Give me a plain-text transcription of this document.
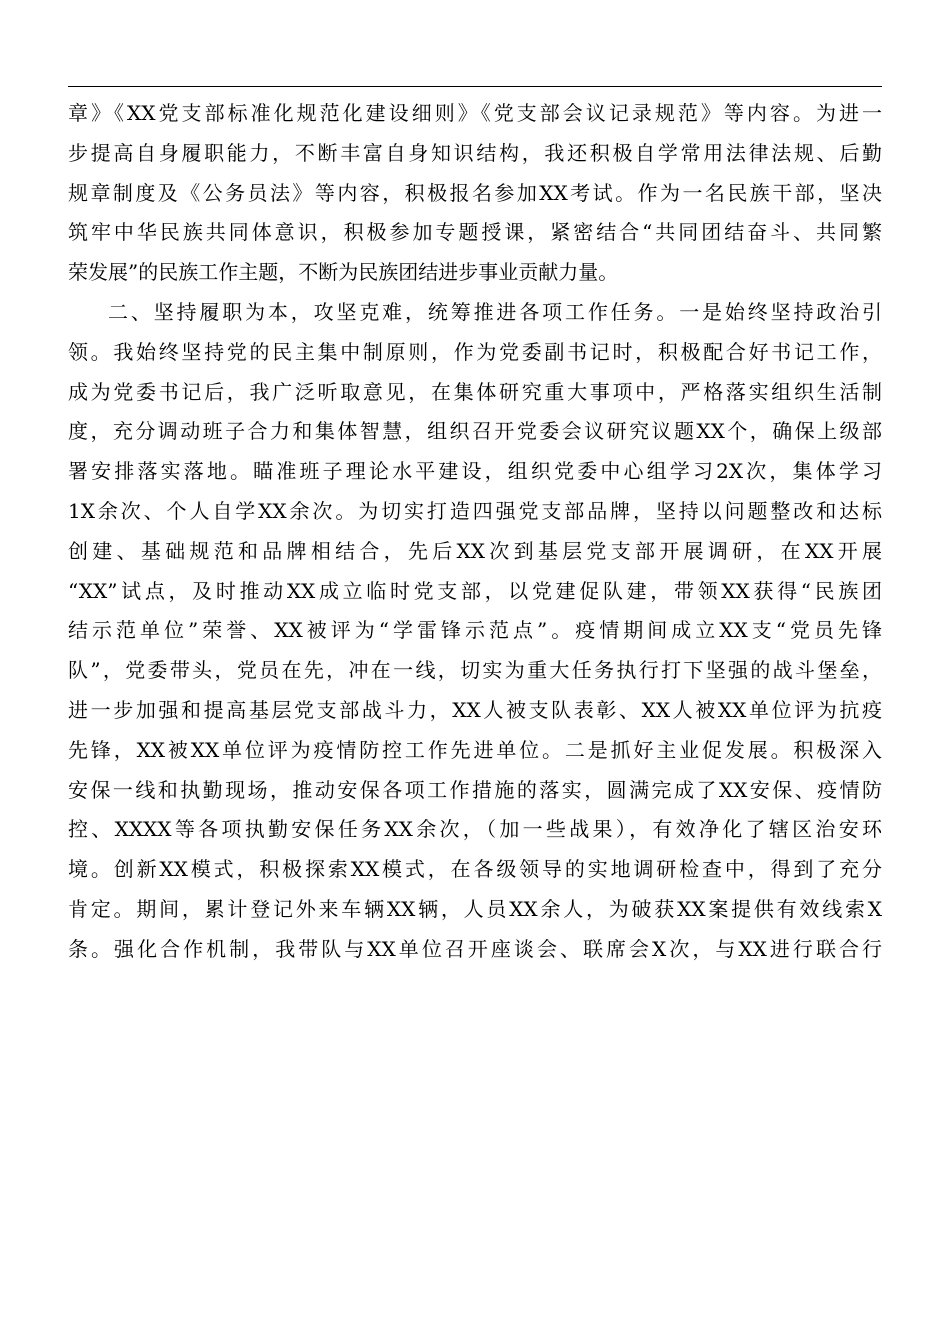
章》《XX党支部标准化规范化建设细则》《党支部会议记录规范》等内容。为进一
步提高自身履职能力，不断丰富自身知识结构，我还积极自学常用法律法规、后勤
规章制度及《公务员法》等内容，积极报名参加XX考试。作为一名民族干部，坚决
筑牢中华民族共同体意识，积极参加专题授课，紧密结合“共同团结奋斗、共同繁
荣发展”的民族工作主题，不断为民族团结进步事业贡献力量。
二、坚持履职为本，攻坚克难，统筹推进各项工作任务。一是始终坚持政治引
领。我始终坚持党的民主集中制原则，作为党委副书记时，积极配合好书记工作，
成为党委书记后，我广泛听取意见，在集体研究重大事项中，严格落实组织生活制
度，充分调动班子合力和集体智慧，组织召开党委会议研究议题XX个，确保上级部
署安排落实落地。瞄准班子理论水平建设，组织党委中心组学习2X次，集体学习
1X余次、个人自学XX余次。为切实打造四强党支部品牌，坚持以问题整改和达标
创建、基础规范和品牌相结合，先后XX次到基层党支部开展调研，在XX开展
“XX”试点，及时推动XX成立临时党支部，以党建促队建，带领XX获得“民族团
结示范单位”荣誉、XX被评为“学雷锋示范点”。疫情期间成立XX支“党员先锋
队”，党委带头，党员在先，冲在一线，切实为重大任务执行打下坚强的战斗堡垒，
进一步加强和提高基层党支部战斗力，XX人被支队表彰、XX人被XX单位评为抗疫
先锋，XX被XX单位评为疫情防控工作先进单位。二是抓好主业促发展。积极深入
安保一线和执勤现场，推动安保各项工作措施的落实，圆满完成了XX安保、疫情防
控、XXXX等各项执勤安保任务XX余次，（加一些战果），有效净化了辖区治安环
境。创新XX模式，积极探索XX模式，在各级领导的实地调研检查中，得到了充分
肯定。期间，累计登记外来车辆XX辆，人员XX余人，为破获XX案提供有效线索X
条。强化合作机制，我带队与XX单位召开座谈会、联席会X次，与XX进行联合行
